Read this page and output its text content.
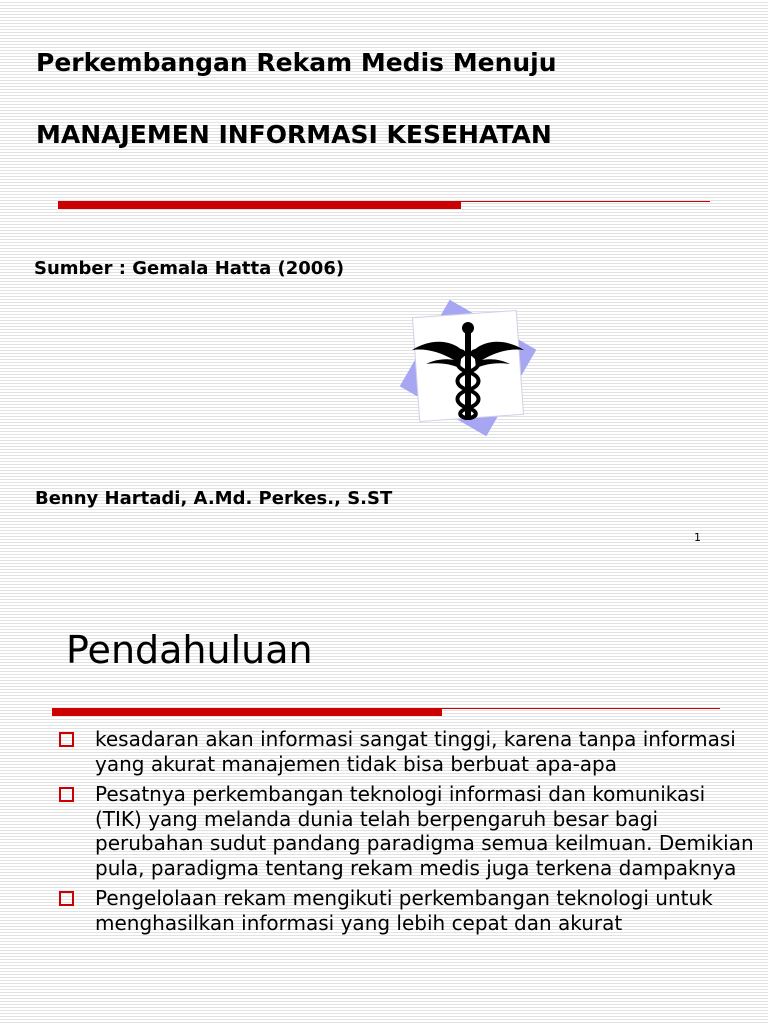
Perkembangan Rekam Medis Menuju
MANAJEMEN INFORMASI KESEHATAN

Sumber : Gemala Hatta (2006)

Benny Hartadi, A.Md. Perkes., S.ST

1
Pendahuluan
kesadaran akan informasi sangat tinggi, karena tanpa informasi yang akurat manajemen tidak bisa berbuat apa-apa
Pesatnya perkembangan teknologi informasi dan komunikasi (TIK) yang melanda dunia telah berpengaruh besar bagi perubahan sudut pandang paradigma semua keilmuan. Demikian pula, paradigma tentang rekam medis juga terkena dampaknya
Pengelolaan rekam mengikuti perkembangan teknologi untuk menghasilkan informasi yang lebih cepat dan akurat
